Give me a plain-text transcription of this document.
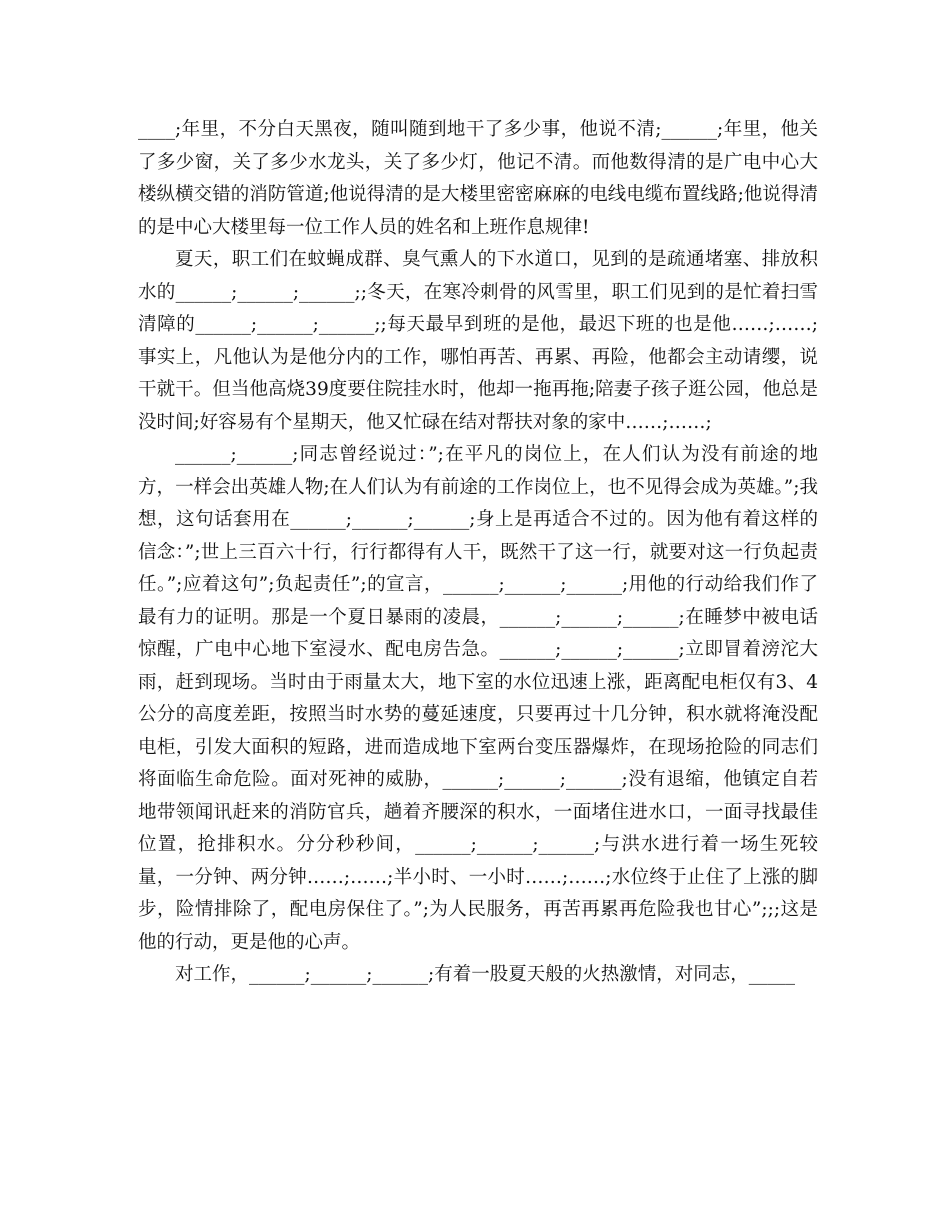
____;年里，不分白天黑夜，随叫随到地干了多少事，他说不清;______;年里，他关了多少窗，关了多少水龙头，关了多少灯，他记不清。而他数得清的是广电中心大楼纵横交错的消防管道;他说得清的是大楼里密密麻麻的电线电缆布置线路;他说得清的是中心大楼里每一位工作人员的姓名和上班作息规律!

夏天，职工们在蚊蝇成群、臭气熏人的下水道口，见到的是疏通堵塞、排放积水的______;______;______;;冬天，在寒冷刺骨的风雪里，职工们见到的是忙着扫雪清障的______;______;______;;每天最早到班的是他，最迟下班的也是他……;……;事实上，凡他认为是他分内的工作，哪怕再苦、再累、再险，他都会主动请缨，说干就干。但当他高烧39度要住院挂水时，他却一拖再拖;陪妻子孩子逛公园，他总是没时间;好容易有个星期天，他又忙碌在结对帮扶对象的家中……;……;

______;______;同志曾经说过：”;在平凡的岗位上，在人们认为没有前途的地方，一样会出英雄人物;在人们认为有前途的工作岗位上，也不见得会成为英雄。”;我想，这句话套用在______;______;______;身上是再适合不过的。因为他有着这样的信念：”;世上三百六十行，行行都得有人干，既然干了这一行，就要对这一行负起责任。”;应着这句”;负起责任”;的宣言，______;______;______;用他的行动给我们作了最有力的证明。那是一个夏日暴雨的凌晨，______;______;______;在睡梦中被电话惊醒，广电中心地下室浸水、配电房告急。______;______;______;立即冒着滂沱大雨，赶到现场。当时由于雨量太大，地下室的水位迅速上涨，距离配电柜仅有3、4公分的高度差距，按照当时水势的蔓延速度，只要再过十几分钟，积水就将淹没配电柜，引发大面积的短路，进而造成地下室两台变压器爆炸，在现场抢险的同志们将面临生命危险。面对死神的威胁，______;______;______;没有退缩，他镇定自若地带领闻讯赶来的消防官兵，趟着齐腰深的积水，一面堵住进水口，一面寻找最佳位置，抢排积水。分分秒秒间，______;______;______;与洪水进行着一场生死较量，一分钟、两分钟……;……;半小时、一小时……;……;水位终于止住了上涨的脚步，险情排除了，配电房保住了。”;为人民服务，再苦再累再危险我也甘心”;;;这是他的行动，更是他的心声。

对工作，______;______;______;有着一股夏天般的火热激情，对同志，_____
